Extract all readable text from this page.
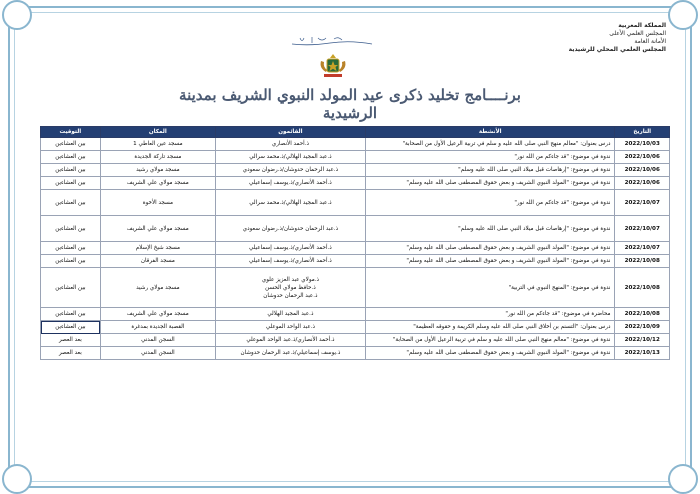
المملكة المغربية
المجلس العلمي الأعلى
الأمانة العامة
المجلس العلمي المحلي للرشيدية
برنــــامج تخليد ذكرى عيد المولد النبوي الشريف بمدينة الرشيدية
التاريخ	الأنشطة	القائمون	المكان	التوقيت
2022/10/03	درس بعنوان: "معالم منهج النبي صلى الله عليه و سلم في تربية الرعيل الأول من الصحابة"	ذ.أحمد الأنصاري	مسجد عين العاطي 1	بين العشاءين
2022/10/06	ندوة في موضوع: "قد جاءكم من الله نور"	ذ.عبد المجيد الهلالي/ذ.محمد سرالي	مسجد تاركة الجديدة	بين العشاءين
2022/10/06	ندوة في موضوع: "إرهاصات قبل ميلاد النبي صلى الله عليه وسلم"	ذ.عبد الرحمان حدوشان/ذ.رضوان سعودي	مسجد مولاي رشيد	بين العشاءين
2022/10/06	ندوة في موضوع: "المولد النبوي الشريف و بعض حقوق المصطفى صلى الله عليه وسلم"	ذ.أحمد الأنصاري/ذ.يوسف إسماعيلي	مسجد مولاي علي الشريف	بين العشاءين
2022/10/07	ندوة في موضوع: "قد جاءكم من الله نور"	ذ.عبد المجيد الهلالي/ذ.محمد سرالي	مسجد الأخوة	بين العشاءين
2022/10/07	ندوة في موضوع: "إرهاصات قبل ميلاد النبي صلى الله عليه وسلم"	ذ.عبد الرحمان حدوشان/ذ.رضوان سعودي	مسجد مولاي علي الشريف	بين العشاءين
2022/10/07	ندوة في موضوع: "المولد النبوي الشريف و بعض حقوق المصطفى صلى الله عليه وسلم"	ذ.أحمد الأنصاري/ذ.يوسف إسماعيلي	مسجد شيخ الإسلام	بين العشاءين
2022/10/08	ندوة في موضوع: "المولد النبوي الشريف و بعض حقوق المصطفى صلى الله عليه وسلم"	ذ.أحمد الأنصاري/ذ.يوسف إسماعيلي	مسجد الفرقان	بين العشاءين
2022/10/08	ندوة في موضوع: "المنهج النبوي في التربية"	ذ.مولاي عبد العزيز علوي
ذ.حافظ مولاي الحسن
ذ.عبد الرحمان حدوشان	مسجد مولاي رشيد	بين العشاءين
2022/10/08	محاضرة في موضوع: "قد جاءكم من الله نور"	ذ.عبد المجيد الهلالي	مسجد مولاي علي الشريف	بين العشاءين
2022/10/09	درس بعنوان: "التسنم بن أخلاق النبي صلى الله عليه وسلم الكريمة و حقوقه العظيمة"	ذ.عبد الواحد الموعلي	القصبة الجديدة بمدغرة	بين العشاءين
2022/10/12	ندوة في موضوع: "معالم منهج النبي صلى الله عليه و سلم في تربية الرعيل الأول من الصحابة"	ذ.أحمد الأنصاري/ذ.عبد الواحد الموعلي	السجن المدني	بعد العصر
2022/10/13	ندوة في موضوع: "المولد النبوي الشريف و بعض حقوق المصطفى صلى الله عليه وسلم"	ذ.يوسف إسماعيلي/ذ.عبد الرحمان حدوشان	السجن المدني	بعد العصر
